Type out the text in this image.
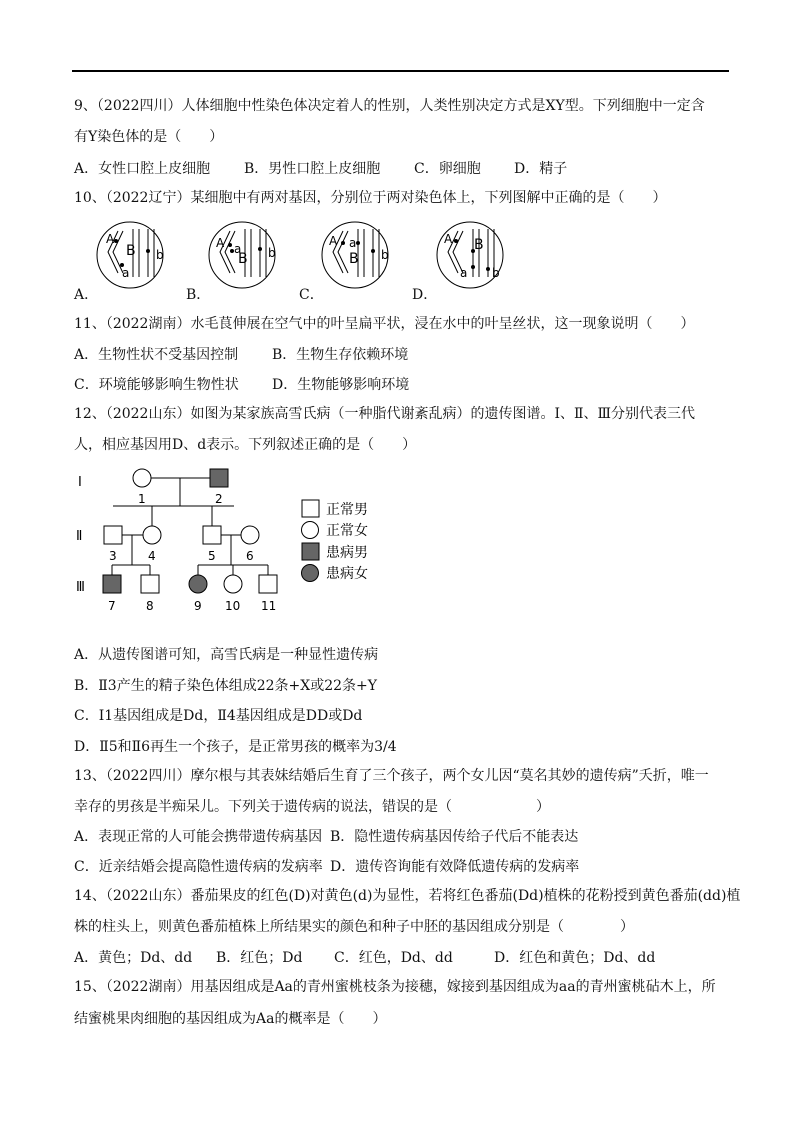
9、（2022四川）人体细胞中性染色体决定着人的性别，人类性别决定方式是XY型。下列细胞中一定含
有Y染色体的是（　　）
A．女性口腔上皮细胞 B．男性口腔上皮细胞 C．卵细胞 D．精子
10、（2022辽宁）某细胞中有两对基因，分别位于两对染色体上，下列图解中正确的是（　　）
A
B b
a
A
B b
a
A
B b
a	A B
b
a
A．	B．	C．	D．
11、（2022湖南）水毛茛伸展在空气中的叶呈扁平状，浸在水中的叶呈丝状，这一现象说明（　　）
A．生物性状不受基因控制 B．生物生存依赖环境
C．环境能够影响生物性状 D．生物能够影响环境
12、（2022山东）如图为某家族高雪氏病（一种脂代谢紊乱病）的遗传图谱。Ⅰ、Ⅱ、Ⅲ分别代表三代
人，相应基因用D、d表示。下列叙述正确的是（　　）
Ⅰ
Ⅱ
Ⅲ
1	2
3	4	5	6
7	8	9 10 11
正常男
正常女
患病男
患病女
A．从遗传图谱可知，高雪氏病是一种显性遗传病
B．Ⅱ3产生的精子染色体组成22条+X或22条+Y
C．Ⅰ1基因组成是Dd，Ⅱ4基因组成是DD或Dd
D．Ⅱ5和Ⅱ6再生一个孩子，是正常男孩的概率为3/4
13、（2022四川）摩尔根与其表妹结婚后生育了三个孩子，两个女儿因“莫名其妙的遗传病”夭折，唯一
幸存的男孩是半痴呆儿。下列关于遗传病的说法，错误的是（　　　　　　）
A．表现正常的人可能会携带遗传病基因 B．隐性遗传病基因传给子代后不能表达
C．近亲结婚会提高隐性遗传病的发病率 D．遗传咨询能有效降低遗传病的发病率
14、（2022山东）番茄果皮的红色(D)对黄色(d)为显性，若将红色番茄(Dd)植株的花粉授到黄色番茄(dd)植
株的柱头上，则黄色番茄植株上所结果实的颜色和种子中胚的基因组成分别是（　　　　）
A．黄色；Dd、dd B．红色；Dd C．红色，Dd、dd	D．红色和黄色；Dd、dd
15、（2022湖南）用基因组成是Aa的青州蜜桃枝条为接穗，嫁接到基因组成为aa的青州蜜桃砧木上，所
结蜜桃果肉细胞的基因组成为Aa的概率是（　　）
